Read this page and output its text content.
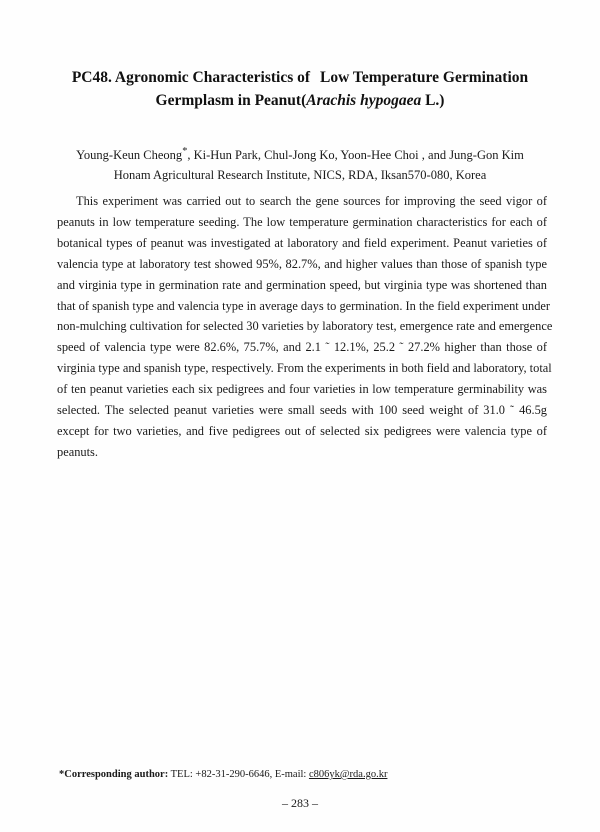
PC48. Agronomic Characteristics of Low Temperature Germination
Germplasm in Peanut(Arachis hypogaea L.)
Young-Keun Cheong*, Ki-Hun Park, Chul-Jong Ko, Yoon-Hee Choi , and Jung-Gon Kim
Honam Agricultural Research Institute, NICS, RDA, Iksan570-080, Korea
This experiment was carried out to search the gene sources for improving the seed vigor of
peanuts in low temperature seeding. The low temperature germination characteristics for each of
botanical types of peanut was investigated at laboratory and field experiment. Peanut varieties of
valencia type at laboratory test showed 95%, 82.7%, and higher values than those of spanish type
and virginia type in germination rate and germination speed, but virginia type was shortened than
that of spanish type and valencia type in average days to germination. In the field experiment under
non-mulching cultivation for selected 30 varieties by laboratory test, emergence rate and emergence
speed of valencia type were 82.6%, 75.7%, and 2.1 ˜ 12.1%, 25.2 ˜ 27.2% higher than those of
virginia type and spanish type, respectively. From the experiments in both field and laboratory, total
of ten peanut varieties each six pedigrees and four varieties in low temperature germinability was
selected. The selected peanut varieties were small seeds with 100 seed weight of 31.0 ˜ 46.5g
except for two varieties, and five pedigrees out of selected six pedigrees were valencia type of
peanuts.
*Corresponding author: TEL: +82-31-290-6646, E-mail: c806yk@rda.go.kr
– 283 –
